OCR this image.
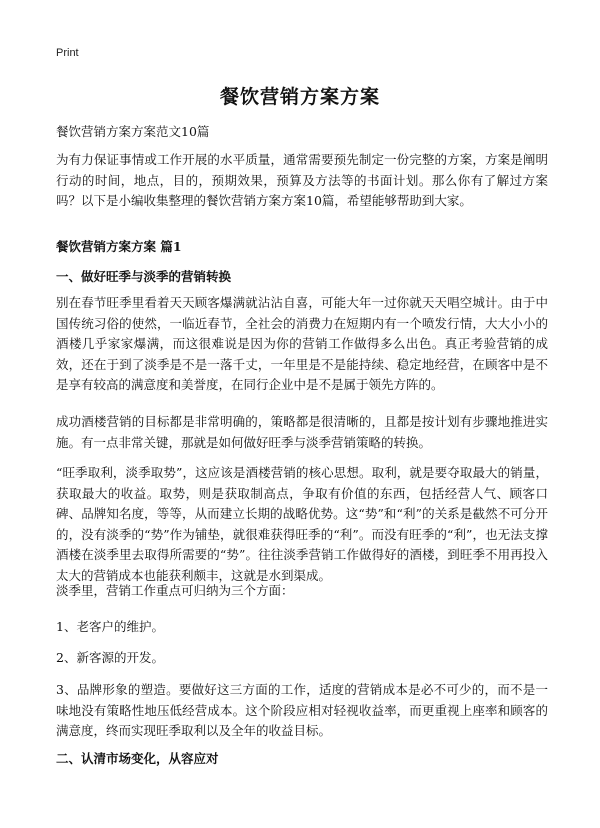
Print
餐饮营销方案方案
餐饮营销方案方案范文10篇

为有力保证事情或工作开展的水平质量，通常需要预先制定一份完整的方案，方案是阐明行动的时间，地点，目的，预期效果，预算及方法等的书面计划。那么你有了解过方案吗？以下是小编收集整理的餐饮营销方案方案10篇，希望能够帮助到大家。

餐饮营销方案方案 篇1
一、做好旺季与淡季的营销转换

别在春节旺季里看着天天顾客爆满就沾沾自喜，可能大年一过你就天天唱空城计。由于中国传统习俗的使然，一临近春节，全社会的消费力在短期内有一个喷发行情，大大小小的酒楼几乎家家爆满，而这很难说是因为你的营销工作做得多么出色。真正考验营销的成效，还在于到了淡季是不是一落千丈，一年里是不是能持续、稳定地经营，在顾客中是不是享有较高的满意度和美誉度，在同行企业中是不是属于领先方阵的。

成功酒楼营销的目标都是非常明确的，策略都是很清晰的，且都是按计划有步骤地推进实施。有一点非常关键，那就是如何做好旺季与淡季营销策略的转换。

“旺季取利，淡季取势”，这应该是酒楼营销的核心思想。取利，就是要夺取最大的销量，获取最大的收益。取势，则是获取制高点，争取有价值的东西，包括经营人气、顾客口碑、品牌知名度，等等，从而建立长期的战略优势。这“势”和“利”的关系是截然不可分开的，没有淡季的“势”作为铺垫，就很难获得旺季的“利”。而没有旺季的“利”，也无法支撑酒楼在淡季里去取得所需要的“势”。往往淡季营销工作做得好的酒楼，到旺季不用再投入太大的营销成本也能获利颇丰，这就是水到渠成。

淡季里，营销工作重点可归纳为三个方面：

1、老客户的维护。

2、新客源的开发。

3、品牌形象的塑造。要做好这三方面的工作，适度的营销成本是必不可少的，而不是一味地没有策略性地压低经营成本。这个阶段应相对轻视收益率，而更重视上座率和顾客的满意度，终而实现旺季取利以及全年的收益目标。

二、认清市场变化，从容应对
